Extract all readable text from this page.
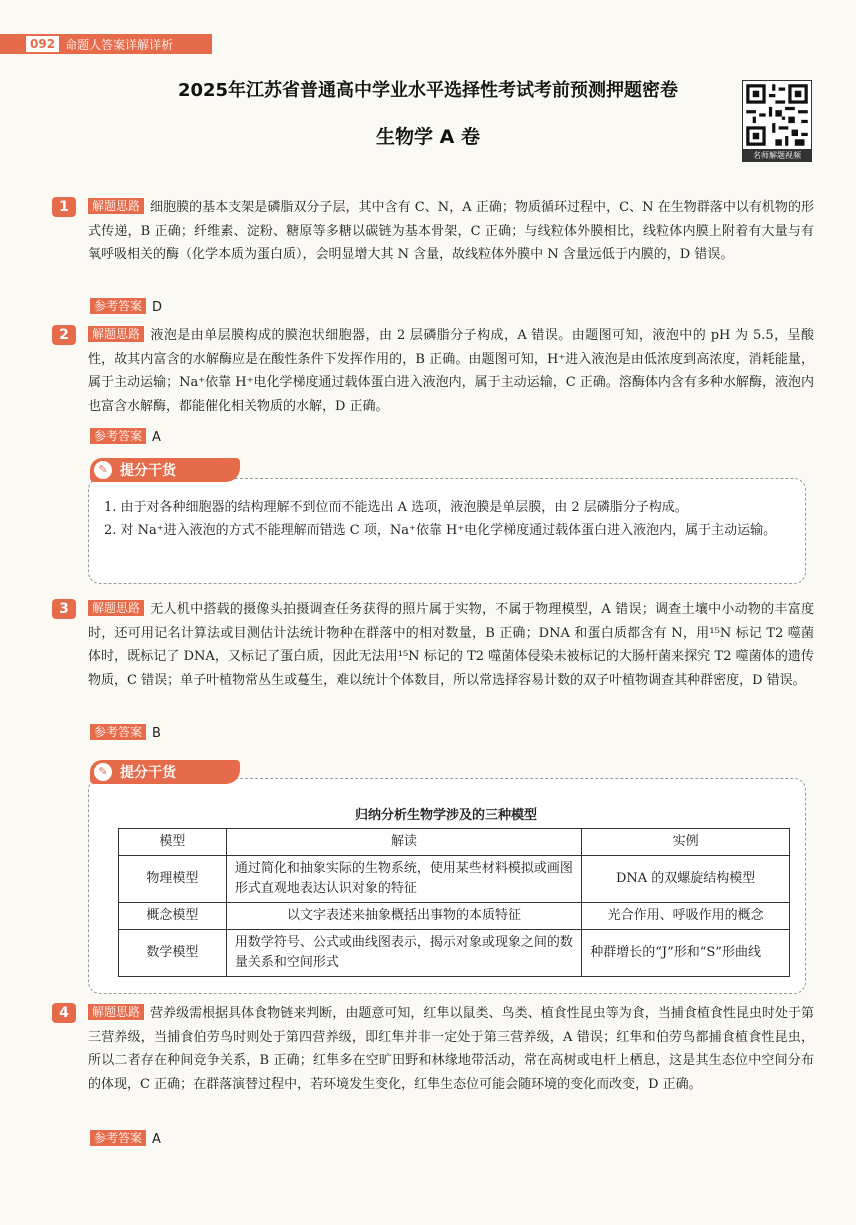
092 命题人答案详解详析
2025年江苏省普通高中学业水平选择性考试考前预测押题密卷
生物学 A 卷
名师解题视频
1	解题思路 细胞膜的基本支架是磷脂双分子层，其中含有 C、N，A 正确；物质循环过程中，C、N 在生物群落中以有机物的形式传递，B 正确；纤维素、淀粉、糖原等多糖以碳链为基本骨架，C 正确；与线粒体外膜相比，线粒体内膜上附着有大量与有氧呼吸相关的酶（化学本质为蛋白质），会明显增大其 N 含量，故线粒体外膜中 N 含量远低于内膜的，D 错误。
参考答案 D
2	解题思路 液泡是由单层膜构成的膜泡状细胞器，由 2 层磷脂分子构成，A 错误。由题图可知，液泡中的 pH 为 5.5，呈酸性，故其内富含的水解酶应是在酸性条件下发挥作用的，B 正确。由题图可知，H⁺进入液泡是由低浓度到高浓度，消耗能量，属于主动运输；Na⁺依靠 H⁺电化学梯度通过载体蛋白进入液泡内，属于主动运输，C 正确。溶酶体内含有多种水解酶，液泡内也富含水解酶，都能催化相关物质的水解，D 正确。
参考答案 A
✎ 提分干货
1. 由于对各种细胞器的结构理解不到位而不能选出 A 选项，液泡膜是单层膜，由 2 层磷脂分子构成。
2. 对 Na⁺进入液泡的方式不能理解而错选 C 项，Na⁺依靠 H⁺电化学梯度通过载体蛋白进入液泡内，属于主动运输。
3	解题思路 无人机中搭载的摄像头拍摄调查任务获得的照片属于实物，不属于物理模型，A 错误；调查土壤中小动物的丰富度时，还可用记名计算法或目测估计法统计物种在群落中的相对数量，B 正确；DNA 和蛋白质都含有 N，用¹⁵N 标记 T2 噬菌体时，既标记了 DNA，又标记了蛋白质，因此无法用¹⁵N 标记的 T2 噬菌体侵染未被标记的大肠杆菌来探究 T2 噬菌体的遗传物质，C 错误；单子叶植物常丛生或蔓生，难以统计个体数目，所以常选择容易计数的双子叶植物调查其种群密度，D 错误。
参考答案 B
✎ 提分干货
归纳分析生物学涉及的三种模型
模型	解读	实例
物理模型	通过简化和抽象实际的生物系统，使用某些材料模拟或画图形式直观地表达认识对象的特征	DNA 的双螺旋结构模型
概念模型	以文字表述来抽象概括出事物的本质特征	光合作用、呼吸作用的概念
数学模型	用数学符号、公式或曲线图表示，揭示对象或现象之间的数量关系和空间形式	种群增长的“J”形和“S”形曲线
4	解题思路 营养级需根据具体食物链来判断，由题意可知，红隼以鼠类、鸟类、植食性昆虫等为食，当捕食植食性昆虫时处于第三营养级，当捕食伯劳鸟时则处于第四营养级，即红隼并非一定处于第三营养级，A 错误；红隼和伯劳鸟都捕食植食性昆虫，所以二者存在种间竞争关系，B 正确；红隼多在空旷田野和林缘地带活动，常在高树或电杆上栖息，这是其生态位中空间分布的体现，C 正确；在群落演替过程中，若环境发生变化，红隼生态位可能会随环境的变化而改变，D 正确。
参考答案 A
